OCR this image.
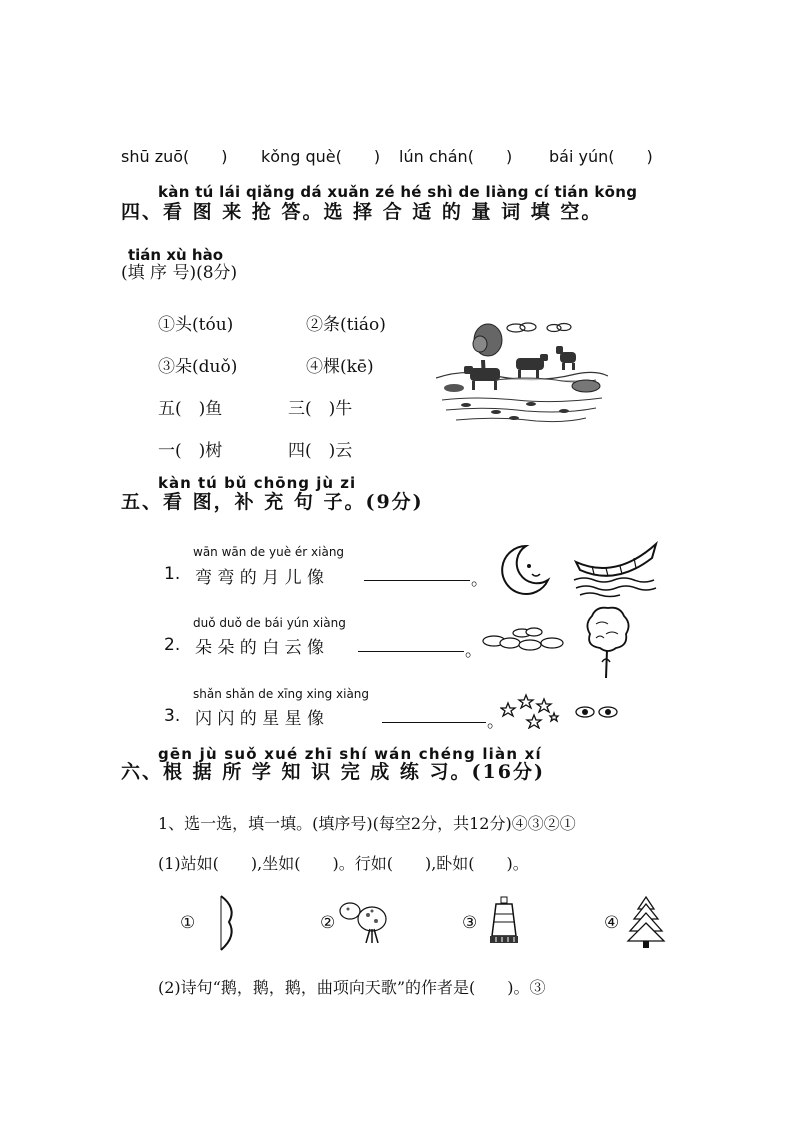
shū zuō(　　) kǒng què(　　) lún chán(　　) bái yún(　　)
kàn tú lái qiǎng dá xuǎn zé hé shì de liàng cí tián kōng
四、看 图 来 抢 答。选 择 合 适 的 量 词 填 空。
tián xù hào
(填 序 号)(8分)
①头(tóu)	②条(tiáo)
③朵(duǒ)	④棵(kē)
五(　)鱼	三(　)牛
一(　)树	四(　)云
kàn tú bǔ chōng jù zi
五、看 图，补 充 句 子。(9分)
wān wān de yuè ér xiàng
1. 弯 弯 的 月 儿 像	。
duǒ duǒ de bái yún xiàng
2. 朵 朵 的 白 云 像	。
shǎn shǎn de xīng xing xiàng
3. 闪 闪 的 星 星 像	。
gēn jù suǒ xué zhī shí wán chéng liàn xí
六、根 据 所 学 知 识 完 成 练 习。(16分)
1、选一选，填一填。(填序号)(每空2分，共12分)④③②①
(1)站如(　　),坐如(　　)。行如(　　),卧如(　　)。
①	②	③	④
(2)诗句“鹅，鹅，鹅，曲项向天歌”的作者是(　　)。③
